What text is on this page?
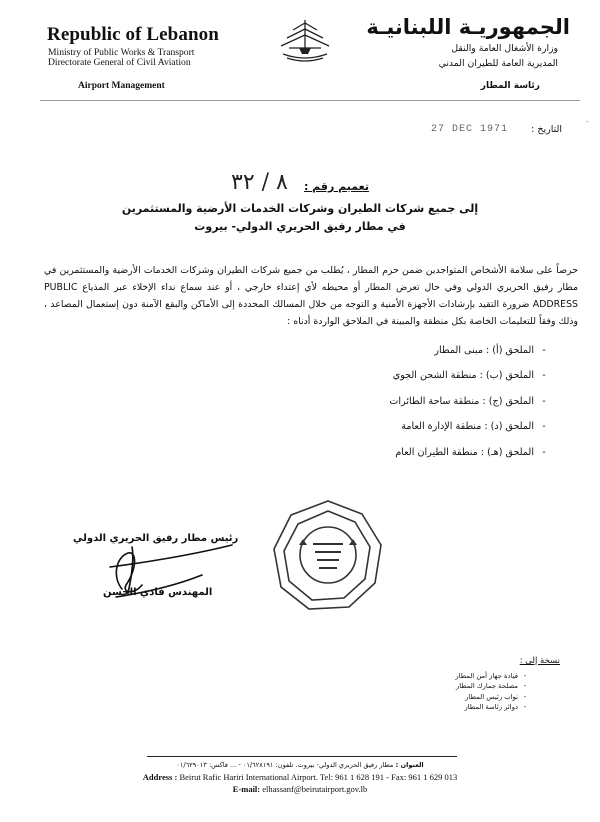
Republic of Lebanon
Ministry of Public Works & Transport
Directorate General of Civil Aviation
Airport Management
الجمهوريـة اللبنانيـة
وزارة الأشغال العامة والنقل
المديرية العامة للطيران المدني
رئاسة المطار
-
التاريخ :
27 DEC 1971
٨ / ٣٢ تعميم رقم :
إلى جميع شركات الطيران وشركات الخدمات الأرضية والمستثمرين
في مطار رفيق الحريري الدولي- بيروت
حرصاً على سلامة الأشخاص المتواجدين ضمن حرم المطار ، يُطلب من جميع شركات الطيران وشركات الخدمات الأرضية والمستثمرين في مطار رفيق الحريري الدولي وفي حال تعرض المطار أو محيطه لأي إعتداء خارجي ، أو عند سماع نداء الإخلاء عبر المذياع PUBLIC ADDRESS ضرورة التقيد بإرشادات الأجهزة الأمنية و التوجه من خلال المسالك المحددة إلى الأماكن والبقع الآمنة دون إستعمال المصاعد ، وذلك وفقاً للتعليمات الخاصة بكل منطقة والمبينة في الملاحق الواردة أدناه :
-الملحق (أ) : مبنى المطار
-الملحق (ب) : منطقة الشحن الجوي
-الملحق (ج) : منطقة ساحة الطائرات
-الملحق (د) : منطقة الإدارة العامة
-الملحق (هـ) : منطقة الطيران العام
رئيس مطار رفيق الحريري الدولي
المهندس فادي الحسن
نسخة إلى :
-قيادة جهاز أمن المطار
-مصلحة جمارك المطار
-نواب رئيس المطار
-دوائر رئاسة المطار
العنوان : مطار رفيق الحريري الدولي- بيروت. تلفون: ٠١/٦٢٨١٩١ - ... فاكس: ٠١/٦٢٩٠١٣
Address : Beirut Rafic Hariri International Airport. Tel: 961 1 628 191 - Fax: 961 1 629 013
E-mail: elhassanf@beirutairport.gov.lb
